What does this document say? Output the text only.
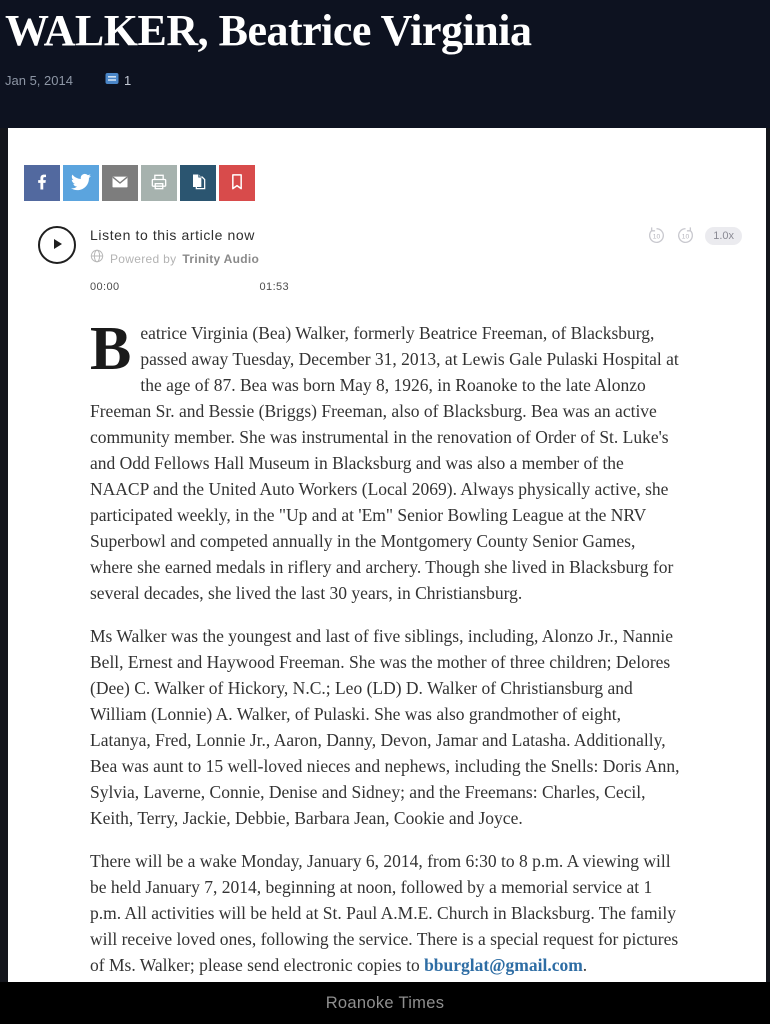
WALKER, Beatrice Virginia
Jan 5, 2014	1
Listen to this article now
Powered by Trinity Audio
00:00	01:53
10	10	1.0x

Beatrice Virginia (Bea) Walker, formerly Beatrice Freeman, of Blacksburg, passed away Tuesday, December 31, 2013, at Lewis Gale Pulaski Hospital at the age of 87. Bea was born May 8, 1926, in Roanoke to the late Alonzo Freeman Sr. and Bessie (Briggs) Freeman, also of Blacksburg. Bea was an active community member. She was instrumental in the renovation of Order of St. Luke's and Odd Fellows Hall Museum in Blacksburg and was also a member of the NAACP and the United Auto Workers (Local 2069). Always physically active, she participated weekly, in the "Up and at 'Em" Senior Bowling League at the NRV Superbowl and competed annually in the Montgomery County Senior Games, where she earned medals in riflery and archery. Though she lived in Blacksburg for several decades, she lived the last 30 years, in Christiansburg.

Ms Walker was the youngest and last of five siblings, including, Alonzo Jr., Nannie Bell, Ernest and Haywood Freeman. She was the mother of three children; Delores (Dee) C. Walker of Hickory, N.C.; Leo (LD) D. Walker of Christiansburg and William (Lonnie) A. Walker, of Pulaski. She was also grandmother of eight, Latanya, Fred, Lonnie Jr., Aaron, Danny, Devon, Jamar and Latasha. Additionally, Bea was aunt to 15 well-loved nieces and nephews, including the Snells: Doris Ann, Sylvia, Laverne, Connie, Denise and Sidney; and the Freemans: Charles, Cecil, Keith, Terry, Jackie, Debbie, Barbara Jean, Cookie and Joyce.

There will be a wake Monday, January 6, 2014, from 6:30 to 8 p.m. A viewing will be held January 7, 2014, beginning at noon, followed by a memorial service at 1 p.m. All activities will be held at St. Paul A.M.E. Church in Blacksburg. The family will receive loved ones, following the service. There is a special request for pictures of Ms. Walker; please send electronic copies to bburglat@gmail.com.

Roanoke Times
